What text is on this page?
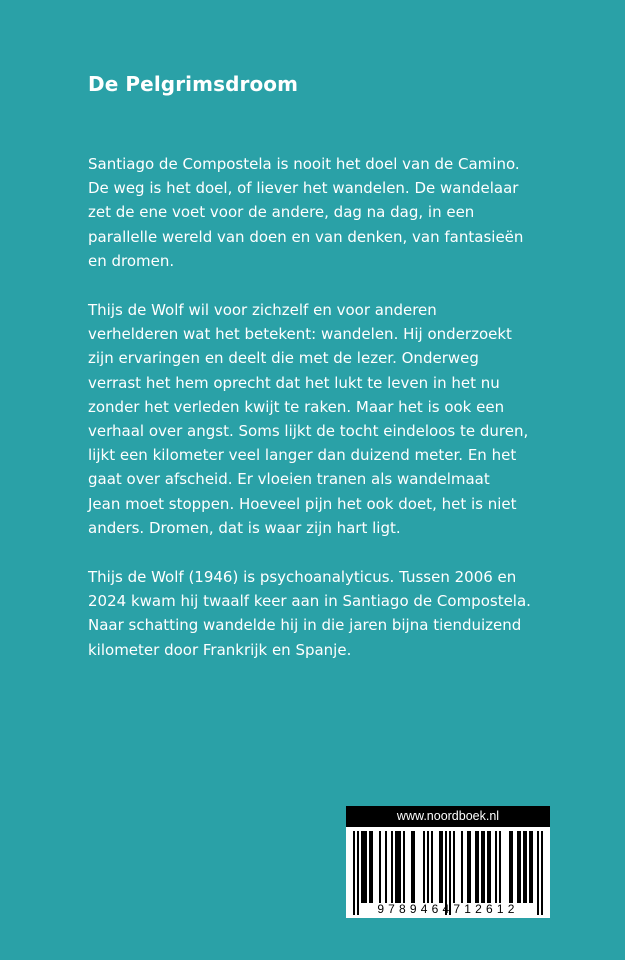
De Pelgrimsdroom

Santiago de Compostela is nooit het doel van de Camino.
De weg is het doel, of liever het wandelen. De wandelaar
zet de ene voet voor de andere, dag na dag, in een
parallelle wereld van doen en van denken, van fantasieën
en dromen.

Thijs de Wolf wil voor zichzelf en voor anderen
verhelderen wat het betekent: wandelen. Hij onderzoekt
zijn ervaringen en deelt die met de lezer. Onderweg
verrast het hem oprecht dat het lukt te leven in het nu
zonder het verleden kwijt te raken. Maar het is ook een
verhaal over angst. Soms lijkt de tocht eindeloos te duren,
lijkt een kilometer veel langer dan duizend meter. En het
gaat over afscheid. Er vloeien tranen als wandelmaat
Jean moet stoppen. Hoeveel pijn het ook doet, het is niet
anders. Dromen, dat is waar zijn hart ligt.

Thijs de Wolf (1946) is psychoanalyticus. Tussen 2006 en
2024 kwam hij twaalf keer aan in Santiago de Compostela.
Naar schatting wandelde hij in die jaren bijna tienduizend
kilometer door Frankrijk en Spanje.

www.noordboek.nl
9789464712612
